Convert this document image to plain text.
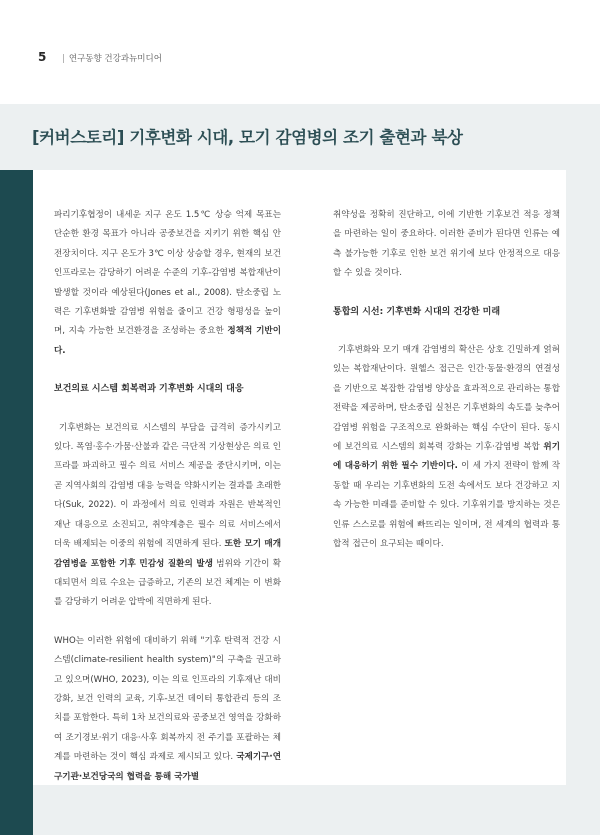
5 | 연구동향 건강과뉴미디어
[커버스토리] 기후변화 시대, 모기 감염병의 조기 출현과 북상

파리기후협정이 내세운 지구 온도 1.5℃ 상승 억제 목표는 단순한 환경 목표가 아니라 공중보건을 지키기 위한 핵심 안전장치이다. 지구 온도가 3℃ 이상 상승할 경우, 현재의 보건 인프라로는 감당하기 어려운 수준의 기후-감염병 복합재난이 발생할 것이라 예상된다(Jones et al., 2008). 탄소중립 노력은 기후변화발 감염병 위험을 줄이고 건강 형평성을 높이며, 지속 가능한 보건환경을 조성하는 중요한 정책적 기반이다.

보건의료 시스템 회복력과 기후변화 시대의 대응

기후변화는 보건의료 시스템의 부담을 급격히 증가시키고 있다. 폭염·홍수·가뭄·산불과 같은 극단적 기상현상은 의료 인프라를 파괴하고 필수 의료 서비스 제공을 중단시키며, 이는 곧 지역사회의 감염병 대응 능력을 약화시키는 결과를 초래한다(Suk, 2022). 이 과정에서 의료 인력과 자원은 반복적인 재난 대응으로 소진되고, 취약계층은 필수 의료 서비스에서 더욱 배제되는 이중의 위험에 직면하게 된다. 또한 모기 매개 감염병을 포함한 기후 민감성 질환의 발생 범위와 기간이 확대되면서 의료 수요는 급증하고, 기존의 보건 체계는 이 변화를 감당하기 어려운 압박에 직면하게 된다.

WHO는 이러한 위험에 대비하기 위해 "기후 탄력적 건강 시스템(climate-resilient health system)"의 구축을 권고하고 있으며(WHO, 2023), 이는 의료 인프라의 기후재난 대비 강화, 보건 인력의 교육, 기후-보건 데이터 통합관리 등의 조치를 포함한다. 특히 1차 보건의료와 공중보건 영역을 강화하여 조기경보·위기 대응·사후 회복까지 전 주기를 포괄하는 체계를 마련하는 것이 핵심 과제로 제시되고 있다. 국제기구·연구기관·보건당국의 협력을 통해 국가별

취약성을 정확히 진단하고, 이에 기반한 기후보건 적응 정책을 마련하는 일이 중요하다. 이러한 준비가 된다면 인류는 예측 불가능한 기후로 인한 보건 위기에 보다 안정적으로 대응할 수 있을 것이다.

통합의 시선: 기후변화 시대의 건강한 미래

기후변화와 모기 매개 감염병의 확산은 상호 긴밀하게 얽혀 있는 복합재난이다. 원헬스 접근은 인간·동물·환경의 연결성을 기반으로 복잡한 감염병 양상을 효과적으로 관리하는 통합 전략을 제공하며, 탄소중립 실천은 기후변화의 속도를 늦추어 감염병 위험을 구조적으로 완화하는 핵심 수단이 된다. 동시에 보건의료 시스템의 회복력 강화는 기후·감염병 복합 위기에 대응하기 위한 필수 기반이다. 이 세 가지 전략이 함께 작동할 때 우리는 기후변화의 도전 속에서도 보다 건강하고 지속 가능한 미래를 준비할 수 있다. 기후위기를 방지하는 것은 인류 스스로를 위험에 빠뜨리는 일이며, 전 세계의 협력과 통합적 접근이 요구되는 때이다.
